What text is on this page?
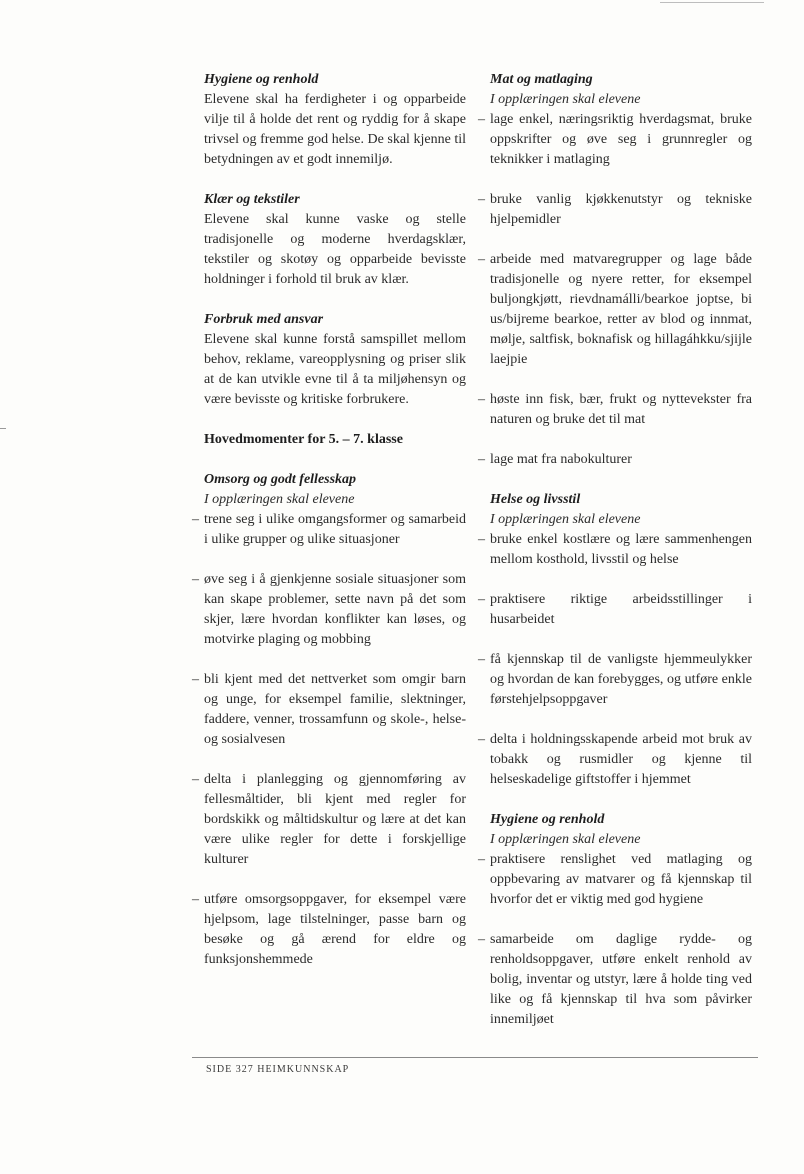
Hygiene og renhold

Elevene skal ha ferdigheter i og opparbeide vilje til å holde det rent og ryddig for å skape trivsel og fremme god helse. De skal kjenne til betydningen av et godt innemiljø.

Klær og tekstiler

Elevene skal kunne vaske og stelle tradisjonelle og moderne hverdagsklær, tekstiler og skotøy og opparbeide bevisste holdninger i forhold til bruk av klær.

Forbruk med ansvar

Elevene skal kunne forstå samspillet mellom behov, reklame, vareopplysning og priser slik at de kan utvikle evne til å ta miljøhensyn og være bevisste og kritiske forbrukere.

Hovedmomenter for 5. – 7. klasse
Omsorg og godt fellesskap
I opplæringen skal elevene
– trene seg i ulike omgangsformer og samarbeid i ulike grupper og ulike situasjoner
– øve seg i å gjenkjenne sosiale situasjoner som kan skape problemer, sette navn på det som skjer, lære hvordan konflikter kan løses, og motvirke plaging og mobbing
– bli kjent med det nettverket som omgir barn og unge, for eksempel familie, slektninger, faddere, venner, trossamfunn og skole-, helse- og sosialvesen
– delta i planlegging og gjennomføring av fellesmåltider, bli kjent med regler for bordskikk og måltidskultur og lære at det kan være ulike regler for dette i forskjellige kulturer
– utføre omsorgsoppgaver, for eksempel være hjelpsom, lage tilstelninger, passe barn og besøke og gå ærend for eldre og funksjonshemmede
Mat og matlaging
I opplæringen skal elevene
– lage enkel, næringsriktig hverdagsmat, bruke oppskrifter og øve seg i grunnregler og teknikker i matlaging
– bruke vanlig kjøkkenutstyr og tekniske hjelpemidler
– arbeide med matvaregrupper og lage både tradisjonelle og nyere retter, for eksempel buljongkjøtt, rievdnamálli/bearkoe joptse, bi us/bijreme bearkoe, retter av blod og innmat, mølje, saltfisk, boknafisk og hillagáhkku/sjijle laejpie
– høste inn fisk, bær, frukt og nyttevekster fra naturen og bruke det til mat
– lage mat fra nabokulturer
Helse og livsstil
I opplæringen skal elevene
– bruke enkel kostlære og lære sammenhengen mellom kosthold, livsstil og helse
– praktisere riktige arbeidsstillinger i husarbeidet
– få kjennskap til de vanligste hjemmeulykker og hvordan de kan forebygges, og utføre enkle førstehjelpsoppgaver
– delta i holdningsskapende arbeid mot bruk av tobakk og rusmidler og kjenne til helseskadelige giftstoffer i hjemmet
Hygiene og renhold
I opplæringen skal elevene
– praktisere renslighet ved matlaging og oppbevaring av matvarer og få kjennskap til hvorfor det er viktig med god hygiene
– samarbeide om daglige rydde- og renholdsoppgaver, utføre enkelt renhold av bolig, inventar og utstyr, lære å holde ting ved like og få kjennskap til hva som påvirker innemiljøet
SIDE 327 HEIMKUNNSKAP
